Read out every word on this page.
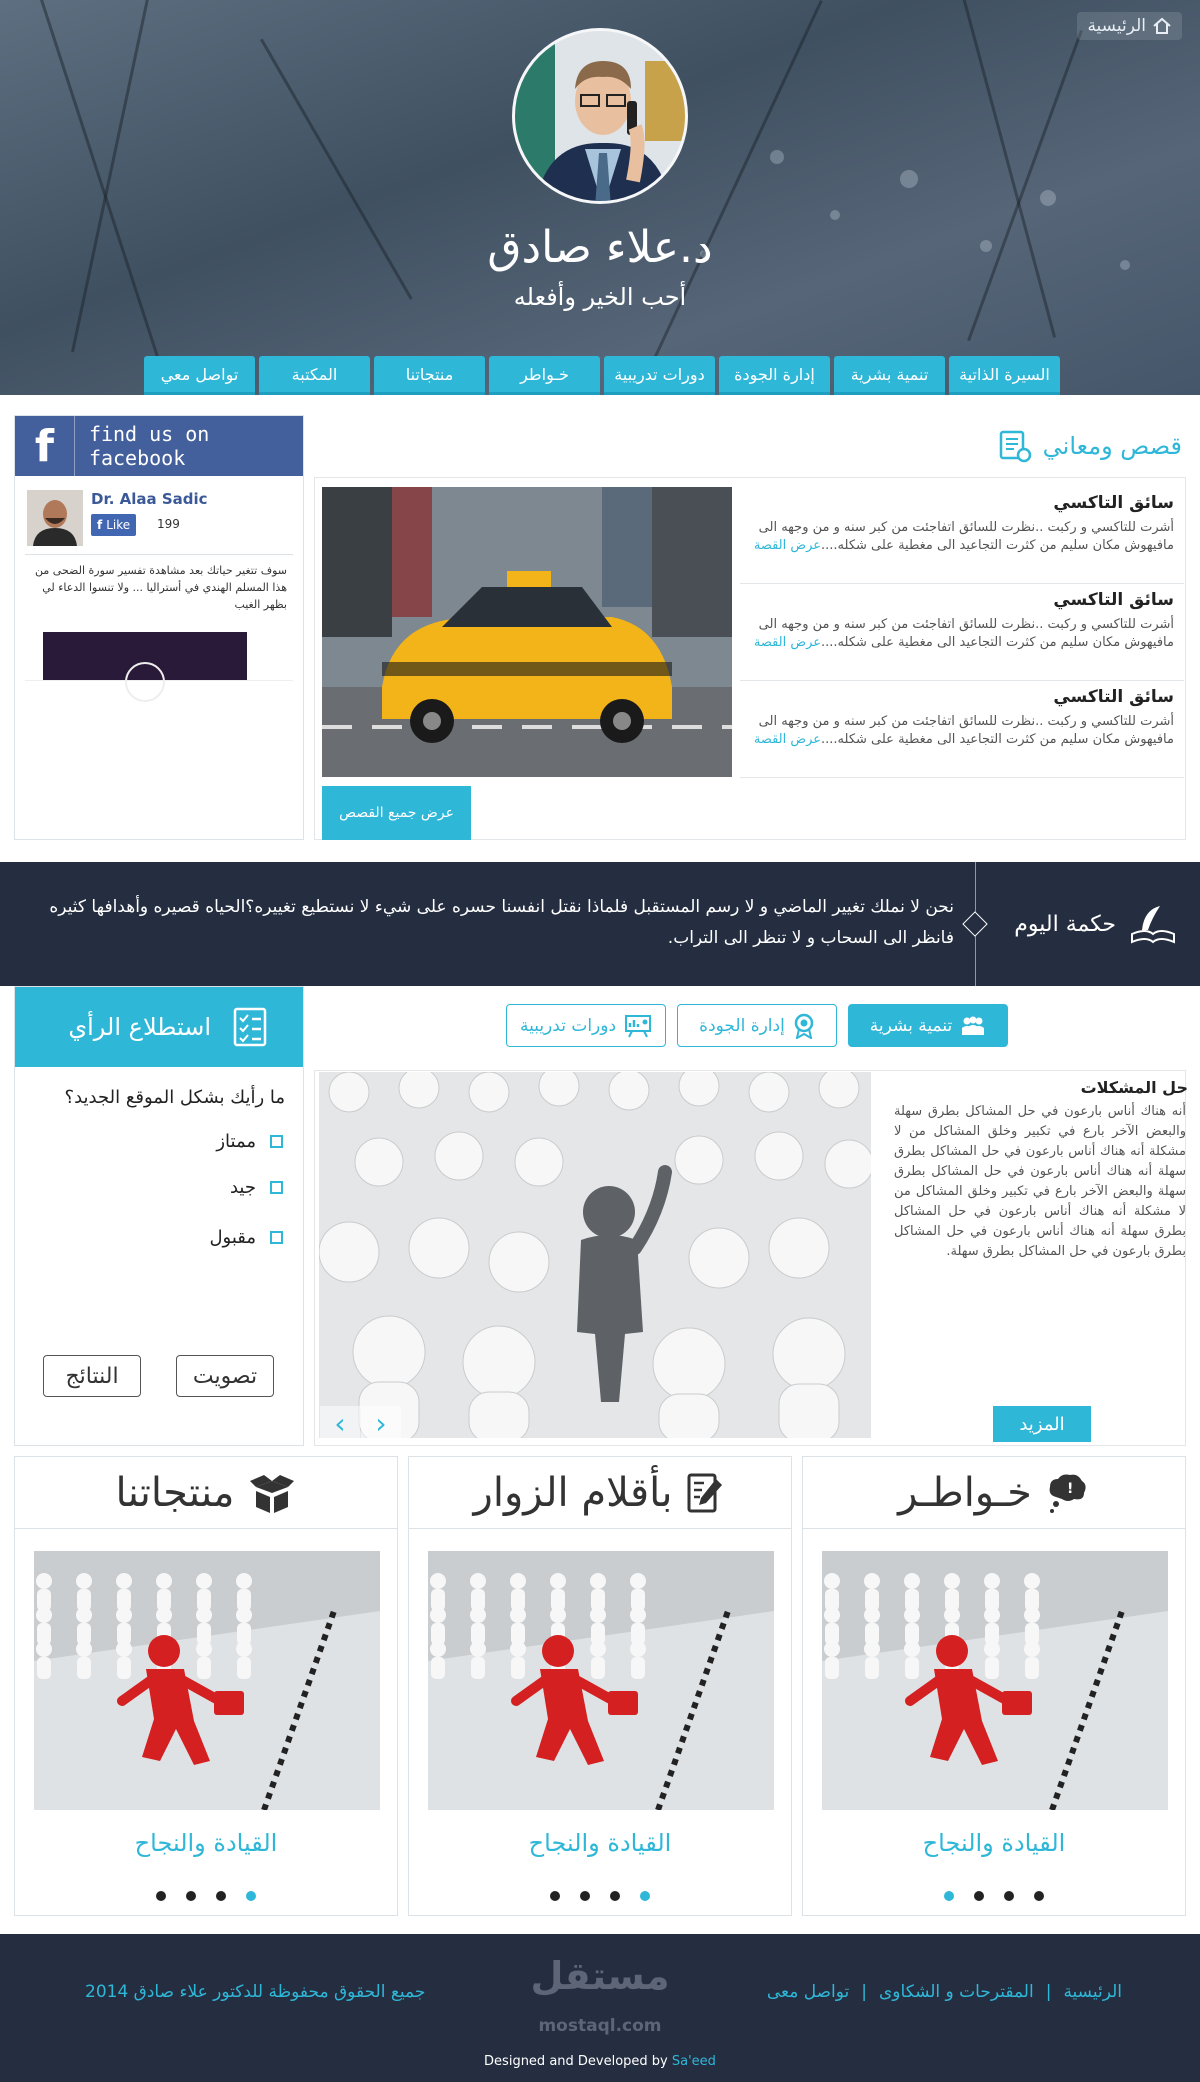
الرئيسية
د.علاء صادق
أحب الخير وأفعله
السيرة الذاتية
تنمية بشرية
إدارة الجودة
دورات تدريبية
خـواطر
منتجاتنا
المكتبة
تواصل معي
f	find us on facebook
Dr. Alaa Sadic
f Like 199
سوف تتغير حياتك بعد مشاهدة تفسير سورة الضحى من هذا المسلم الهندي في أستراليا ... ولا تنسوا الدعاء لي بظهر الغيب
قصص ومعاني
سائق التاكسي
أشرت للتاكسي و ركبت ..نظرت للسائق اتفاجئت من كبر سنه و من وجهه الى مافيهوش مكان سليم من كثرت التجاعيد الى مغطية على شكله....عرض القصة
سائق التاكسي
أشرت للتاكسي و ركبت ..نظرت للسائق اتفاجئت من كبر سنه و من وجهه الى مافيهوش مكان سليم من كثرت التجاعيد الى مغطية على شكله....عرض القصة
سائق التاكسي
أشرت للتاكسي و ركبت ..نظرت للسائق اتفاجئت من كبر سنه و من وجهه الى مافيهوش مكان سليم من كثرت التجاعيد الى مغطية على شكله....عرض القصة
عرض جميع القصص
حكمة اليوم
نحن لا نملك تغيير الماضي و لا رسم المستقبل فلماذا نقتل انفسنا حسره على شيء لا نستطيع تغييره؟الحياه قصيره وأهدافها كثيره فانظر الى السحاب و لا تنظر الى التراب.
استطلاع الرأي
ما رأيك بشكل الموقع الجديد؟
ممتاز
جيد
مقبول
تصويت
النتائج
تنمية بشرية
إدارة الجودة
دورات تدريبية
حل المشكلات
أنه هناك أناس بارعون في حل المشاكل بطرق سهلة والبعض الآخر بارع في تكبير وخلق المشاكل من لا مشكلة أنه هناك أناس بارعون في حل المشاكل بطرق سهلة أنه هناك أناس بارعون في حل المشاكل بطرق سهلة والبعض الآخر بارع في تكبير وخلق المشاكل من لا مشكلة أنه هناك أناس بارعون في حل المشاكل بطرق سهلة أنه هناك أناس بارعون في حل المشاكل بطرق بارعون في حل المشاكل بطرق سهلة.
المزيد
‹	›
خـواطـر	!
القيادة والنجاح
بأقلام الزوار
القيادة والنجاح
منتجاتنا
القيادة والنجاح
الرئيسية
|
المقترحات و الشكاوى
|
تواصل معى
جميع الحقوق محفوظة للدكتور علاء صادق 2014	مستقل
mostaql.com
Designed and Developed by Sa'eed
